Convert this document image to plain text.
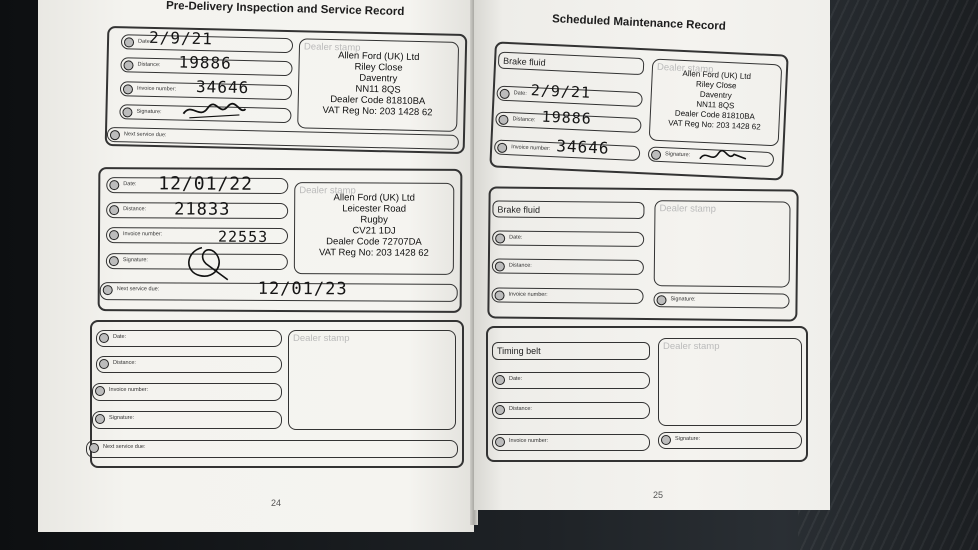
Pre-Delivery Inspection and Service Record
Date:
Distance:
Invoice number:
Signature:
Next service due:
Dealer stamp
Allen Ford (UK) Ltd
Riley Close
Daventry
NN11 8QS
Dealer Code 81810BA
VAT Reg No: 203 1428 62
2/9/21
19886
34646
Date:
Distance:
Invoice number:
Signature:
Next service due:
Dealer stamp
Allen Ford (UK) Ltd
Leicester Road
Rugby
CV21 1DJ
Dealer Code 72707DA
VAT Reg No: 203 1428 62
12/01/22
21833
22553
12/01/23
Date:
Distance:
Invoice number:
Signature:
Next service due:
Dealer stamp
24
Scheduled Maintenance Record
Brake fluid
Date:
Distance:
Invoice number:
Signature:
Dealer stamp
Allen Ford (UK) Ltd
Riley Close
Daventry
NN11 8QS
Dealer Code 81810BA
VAT Reg No: 203 1428 62
2/9/21
19886
34646
Brake fluid
Date:
Distance:
Invoice number:
Signature:
Dealer stamp
Timing belt
Date:
Distance:
Invoice number:	Signature:
Dealer stamp
25
